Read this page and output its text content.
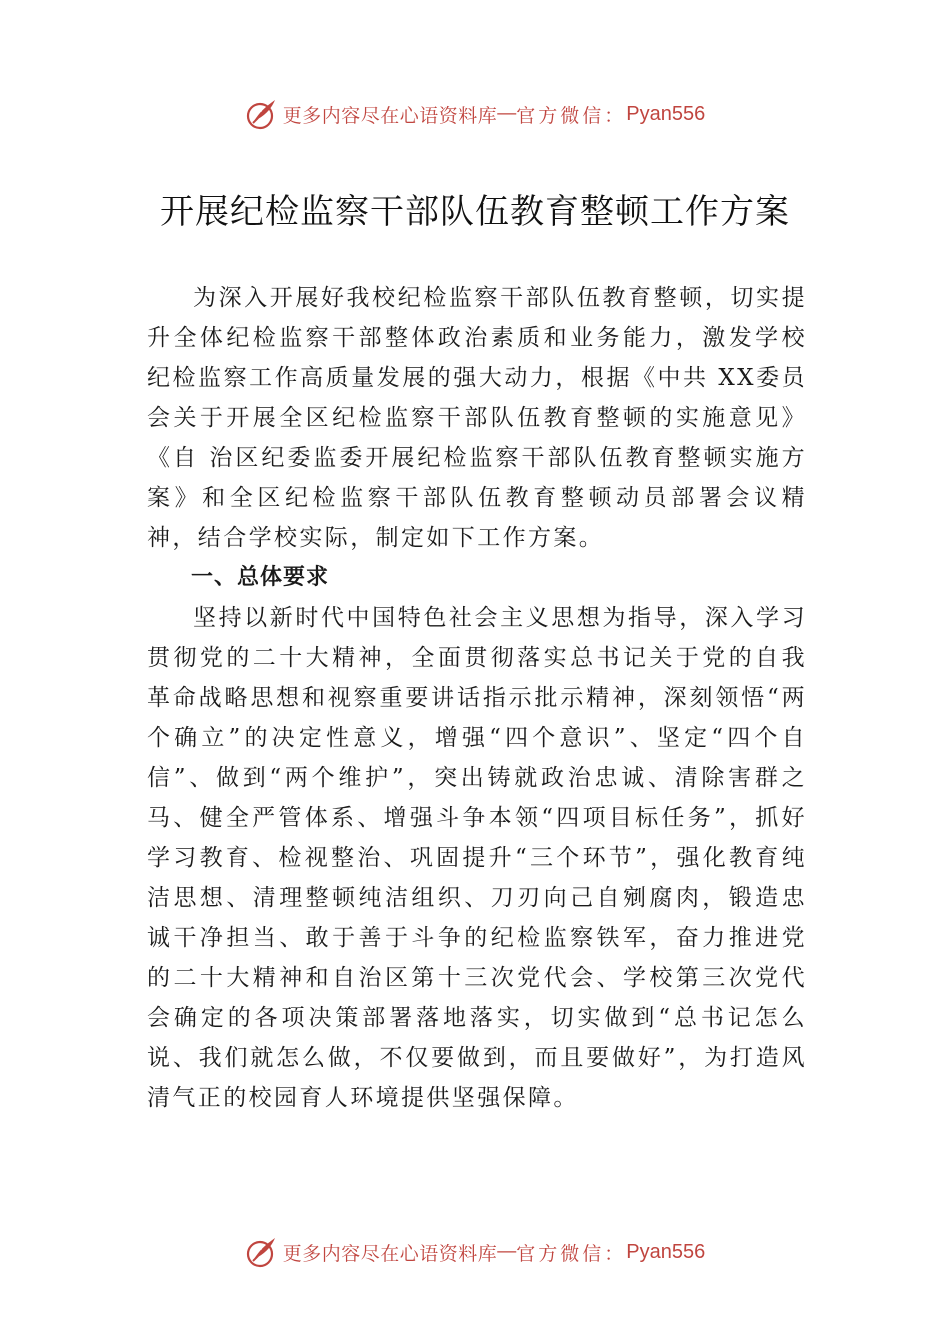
更多内容尽在心语资料库 — 官方微信： Pyan556
开展纪检监察干部队伍教育整顿工作方案

为深入开展好我校纪检监察干部队伍教育整顿，切实提升全体纪检监察干部整体政治素质和业务能力，激发学校纪检监察工作高质量发展的强大动力，根据《中共 XX委员会关于开展全区纪检监察干部队伍教育整顿的实施意见》《自 治区纪委监委开展纪检监察干部队伍教育整顿实施方案》和全区纪检监察干部队伍教育整顿动员部署会议精神，结合学校实际，制定如下工作方案。

一、总体要求

坚持以新时代中国特色社会主义思想为指导，深入学习贯彻党的二十大精神，全面贯彻落实总书记关于党的自我革命战略思想和视察重要讲话指示批示精神，深刻领悟“两个确立”的决定性意义，增强“四个意识”、坚定“四个自信”、做到“两个维护”，突出铸就政治忠诚、清除害群之马、健全严管体系、增强斗争本领“四项目标任务”，抓好学习教育、检视整治、巩固提升“三个环节”，强化教育纯洁思想、清理整顿纯洁组织、刀刃向己自剜腐肉，锻造忠诚干净担当、敢于善于斗争的纪检监察铁军，奋力推进党的二十大精神和自治区第十三次党代会、学校第三次党代会确定的各项决策部署落地落实，切实做到“总书记怎么说、我们就怎么做，不仅要做到，而且要做好”，为打造风清气正的校园育人环境提供坚强保障。

更多内容尽在心语资料库 — 官方微信： Pyan556
